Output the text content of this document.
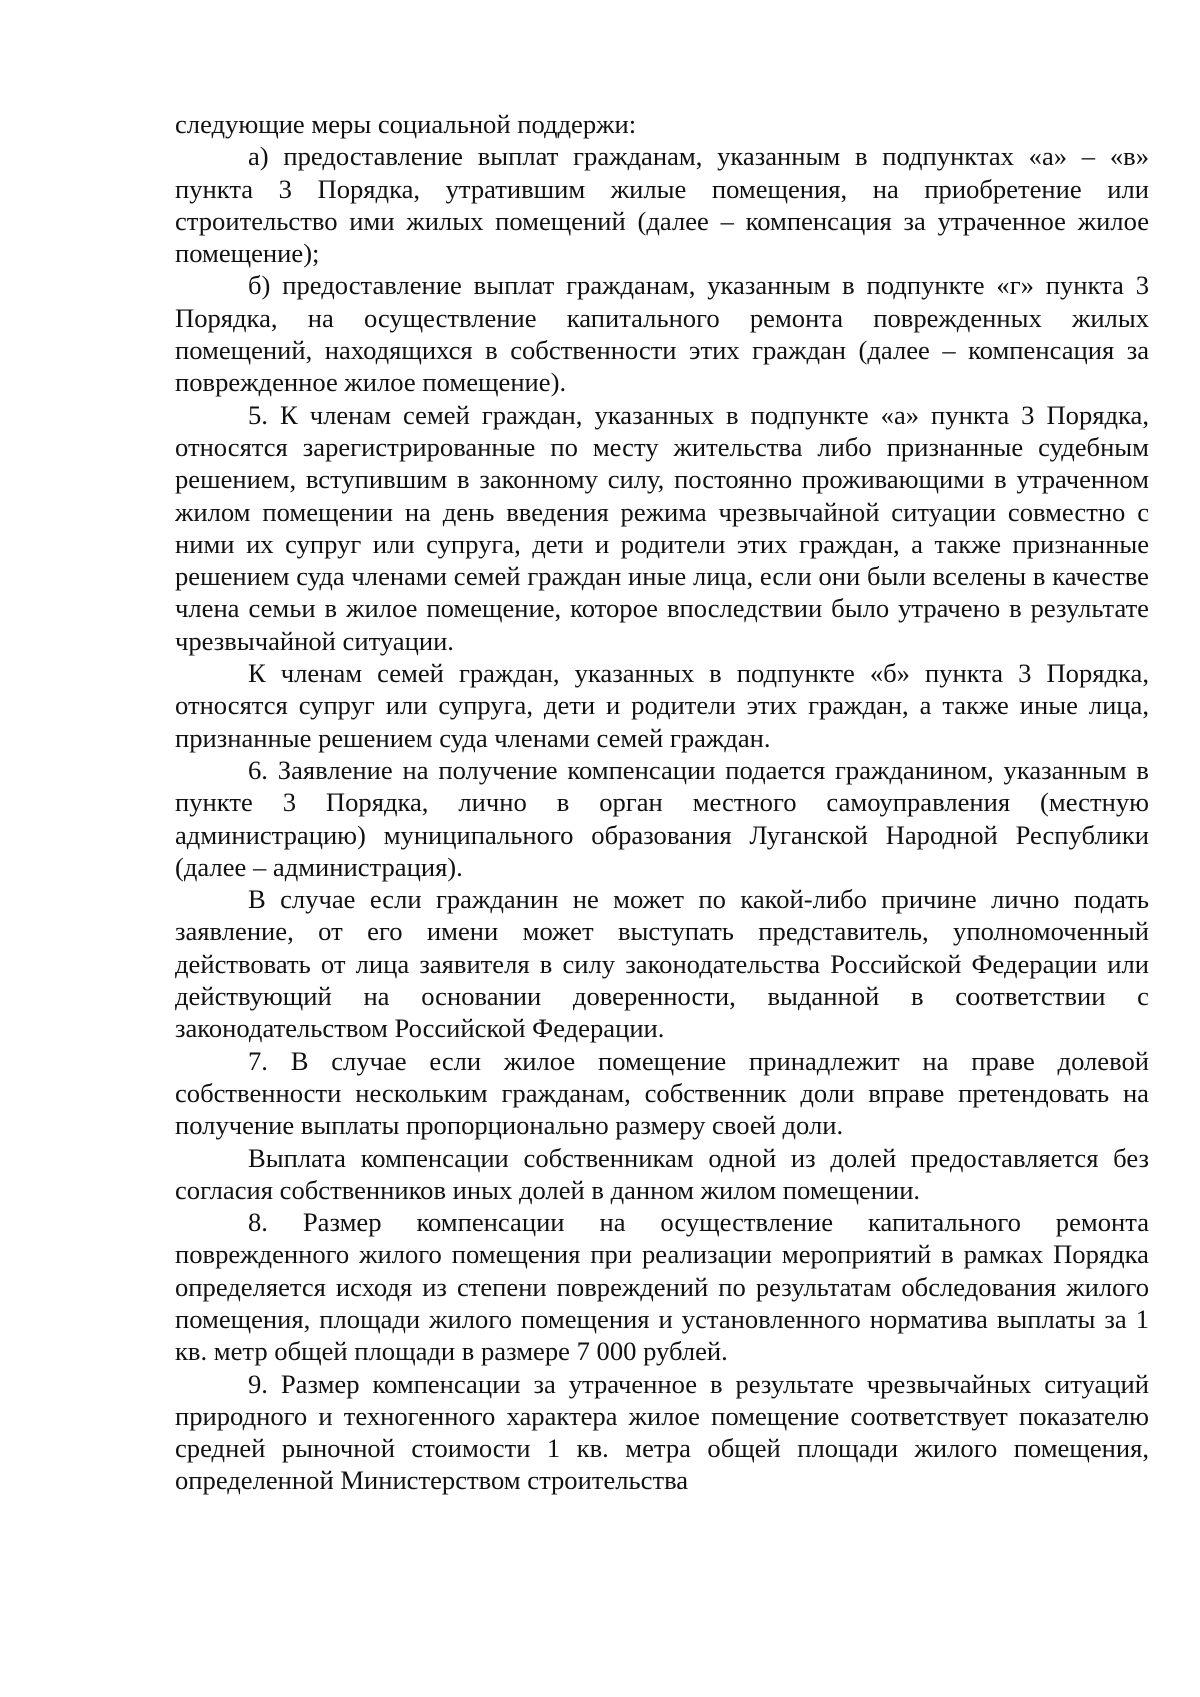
следующие меры социальной поддержи:

а) предоставление выплат гражданам, указанным в подпунктах «а» – «в» пункта 3 Порядка, утратившим жилые помещения, на приобретение или строительство ими жилых помещений (далее – компенсация за утраченное жилое помещение);

б) предоставление выплат гражданам, указанным в подпункте «г» пункта 3 Порядка, на осуществление капитального ремонта поврежденных жилых помещений, находящихся в собственности этих граждан (далее – компенсация за поврежденное жилое помещение).

5. К членам семей граждан, указанных в подпункте «а» пункта 3 Порядка, относятся зарегистрированные по месту жительства либо признанные судебным решением, вступившим в законному силу, постоянно проживающими в утраченном жилом помещении на день введения режима чрезвычайной ситуации совместно с ними их супруг или супруга, дети и родители этих граждан, а также признанные решением суда членами семей граждан иные лица, если они были вселены в качестве члена семьи в жилое помещение, которое впоследствии было утрачено в результате чрезвычайной ситуации.

К членам семей граждан, указанных в подпункте «б» пункта 3 Порядка, относятся супруг или супруга, дети и родители этих граждан, а также иные лица, признанные решением суда членами семей граждан.

6. Заявление на получение компенсации подается гражданином, указанным в пункте 3 Порядка, лично в орган местного самоуправления (местную администрацию) муниципального образования Луганской Народной Республики (далее – администрация).

В случае если гражданин не может по какой-либо причине лично подать заявление, от его имени может выступать представитель, уполномоченный действовать от лица заявителя в силу законодательства Российской Федерации или действующий на основании доверенности, выданной в соответствии с законодательством Российской Федерации.

7. В случае если жилое помещение принадлежит на праве долевой собственности нескольким гражданам, собственник доли вправе претендовать на получение выплаты пропорционально размеру своей доли.

Выплата компенсации собственникам одной из долей предоставляется без согласия собственников иных долей в данном жилом помещении.

8. Размер компенсации на осуществление капитального ремонта поврежденного жилого помещения при реализации мероприятий в рамках Порядка определяется исходя из степени повреждений по результатам обследования жилого помещения, площади жилого помещения и установленного норматива выплаты за 1 кв. метр общей площади в размере 7 000 рублей.

9. Размер компенсации за утраченное в результате чрезвычайных ситуаций природного и техногенного характера жилое помещение соответствует показателю средней рыночной стоимости 1 кв. метра общей площади жилого помещения, определенной Министерством строительства
